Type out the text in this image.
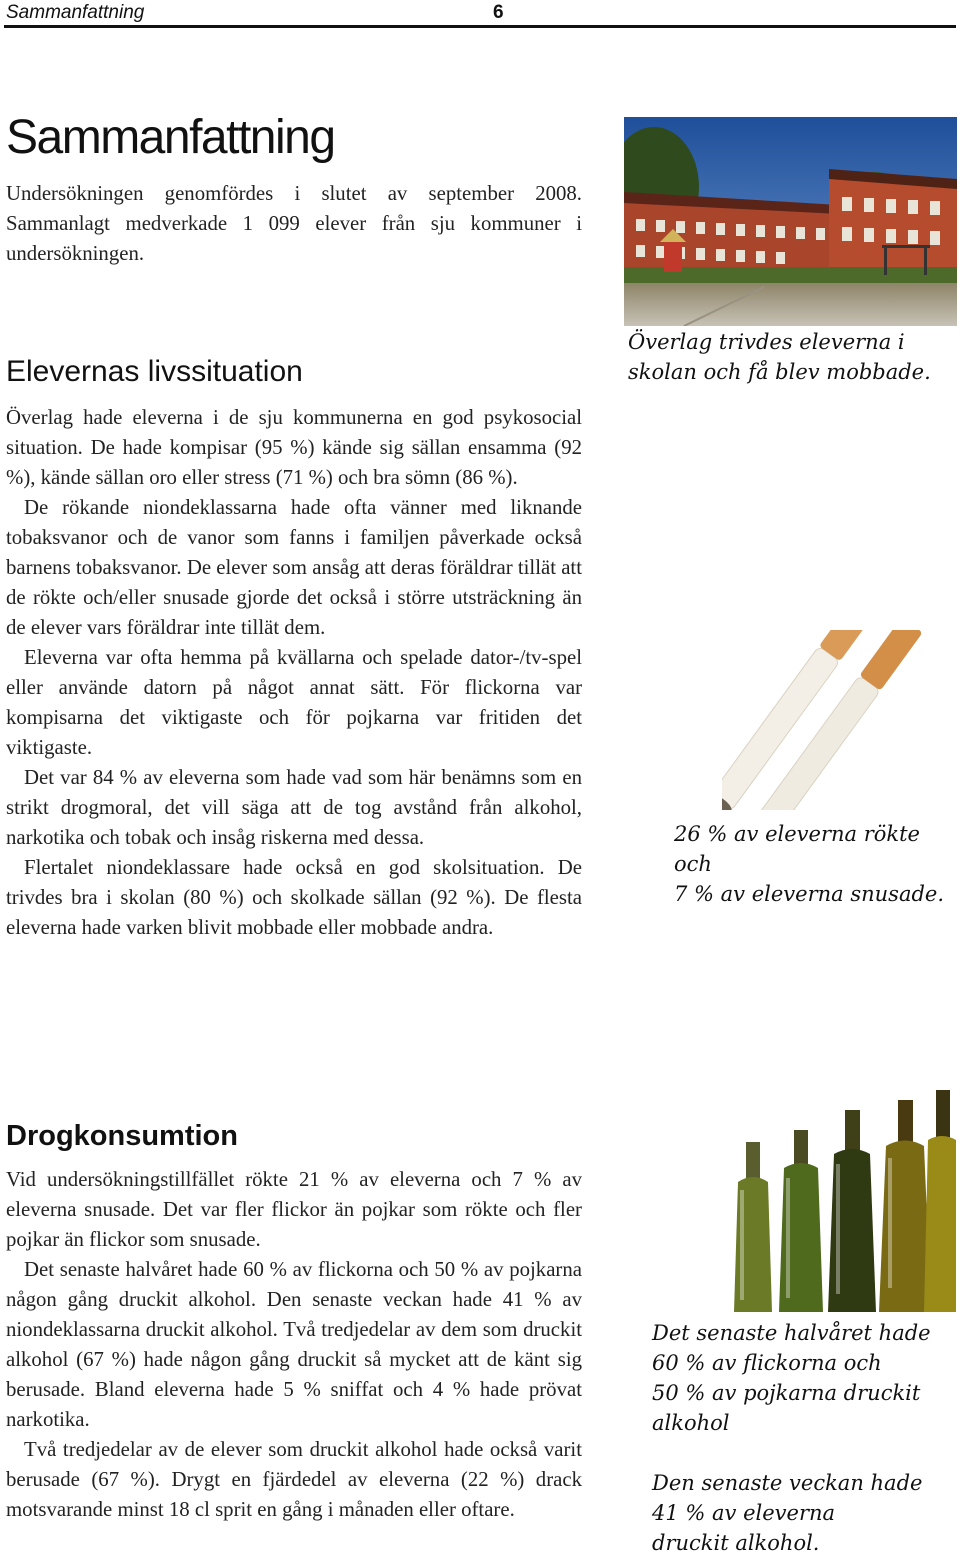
Sammanfattning	6
Sammanfattning

Undersökningen genomfördes i slutet av september 2008. Sammanlagt medverkade 1 099 elever från sju kommuner i undersökningen.

Elevernas livssituation

Överlag hade eleverna i de sju kommunerna en god psykosocial situation. De hade kompisar (95 %) kände sig sällan ensamma (92 %), kände sällan oro eller stress (71 %) och bra sömn (86 %).

De rökande niondeklassarna hade ofta vänner med liknande tobaksvanor och de vanor som fanns i familjen påverkade också barnens tobaksvanor. De elever som ansåg att deras föräldrar tillät att de rökte och/eller snusade gjorde det också i större utsträckning än de elever vars föräldrar inte tillät dem.

Eleverna var ofta hemma på kvällarna och spelade dator-/tv-spel eller använde datorn på något annat sätt. För flickorna var kompisarna det viktigaste och för pojkarna var fritiden det viktigaste.

Det var 84 % av eleverna som hade vad som här benämns som en strikt drogmoral, det vill säga att de tog avstånd från alkohol, narkotika och tobak och insåg riskerna med dessa.

Flertalet niondeklassare hade också en god skolsituation. De trivdes bra i skolan (80 %) och skolkade sällan (92 %). De flesta eleverna hade varken blivit mobbade eller mobbade andra.

Drogkonsumtion

Vid undersökningstillfället rökte 21 % av eleverna och 7 % av eleverna snusade. Det var fler flickor än pojkar som rökte och fler pojkar än flickor som snusade.

Det senaste halvåret hade 60 % av flickorna och 50 % av pojkarna någon gång druckit alkohol. Den senaste veckan hade 41 % av niondeklassarna druckit alkohol. Två tredjedelar av dem som druckit alkohol (67 %) hade någon gång druckit så mycket att de känt sig berusade. Bland eleverna hade 5 % sniffat och 4 % hade prövat narkotika.

Två tredjedelar av de elever som druckit alkohol hade också varit berusade (67 %). Drygt en fjärdedel av eleverna (22 %) drack motsvarande minst 18 cl sprit en gång i månaden eller oftare.

Överlag trivdes eleverna i
skolan och få blev mobbade.
26 % av eleverna rökte
och
7 % av eleverna snusade.
Det senaste halvåret hade
60 % av flickorna och
50 % av pojkarna druckit
alkohol
Den senaste veckan hade
41 % av eleverna
druckit alkohol.
